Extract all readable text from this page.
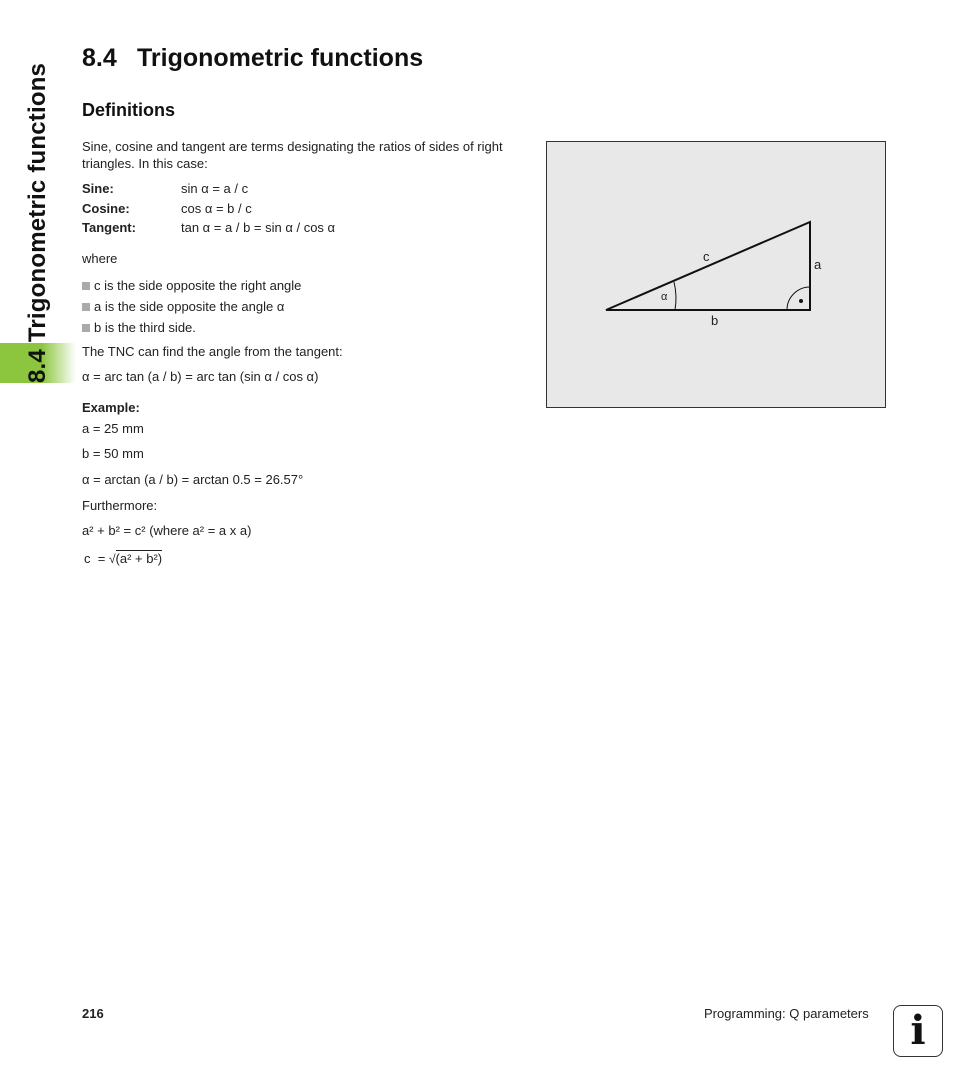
8.4 Trigonometric functions
8.4 Trigonometric functions
Definitions
Sine, cosine and tangent are terms designating the ratios of sides of right triangles. In this case:
Sine:	sin α = a / c
Cosine:	cos α = b / c
Tangent:	tan α = a / b = sin α / cos α
where
c is the side opposite the right angle
a is the side opposite the angle α
b is the third side.
The TNC can find the angle from the tangent:
α = arc tan (a / b) = arc tan (sin α / cos α)
Example:
a = 25 mm
b = 50 mm
α = arctan (a / b) = arctan 0.5 = 26.57°
Furthermore:
a² + b² = c² (where a² = a x a)
c  = √(a² + b²)
c
a
b
α
216	Programming: Q parameters	i
